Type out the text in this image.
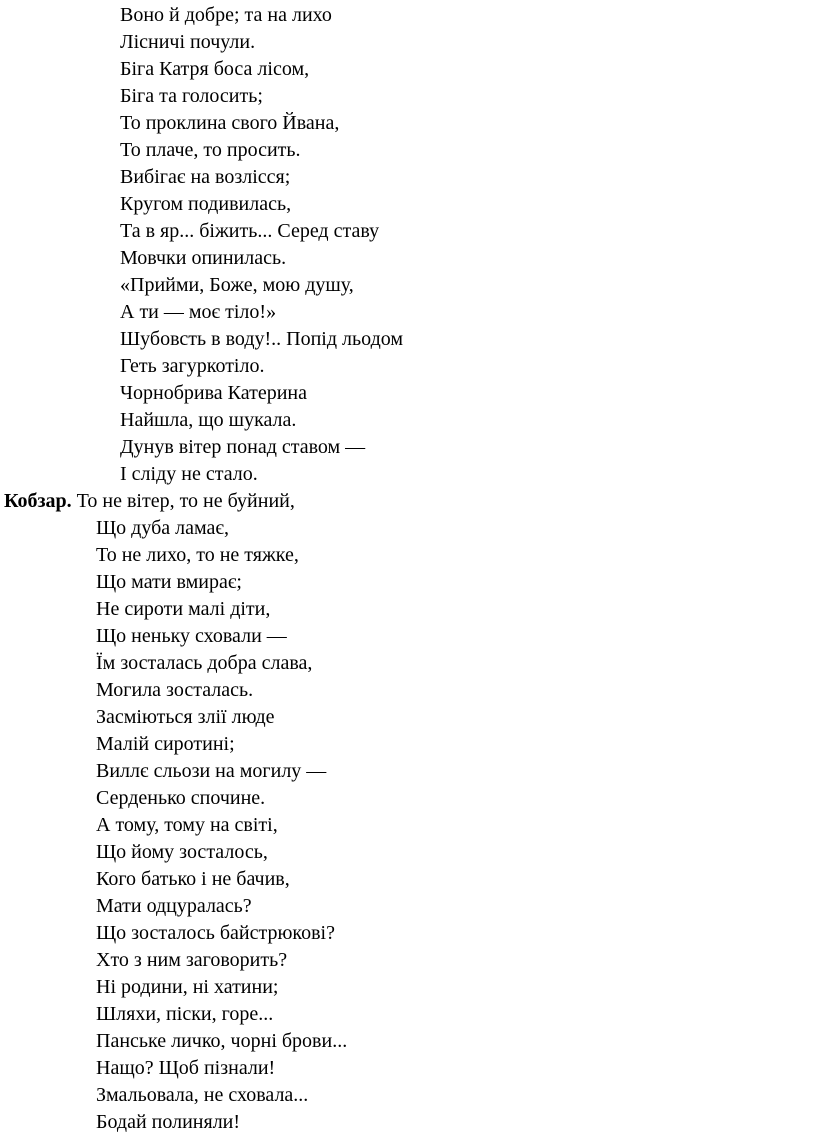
Воно й добре; та на лихо
Лісничі почули.
Біга Катря боса лісом,
Біга та голосить;
То проклина свого Йвана,
То плаче, то просить.
Вибігає на возлісся;
Кругом подивилась,
Та в яр... біжить... Серед ставу
Мовчки опинилась.
«Прийми, Боже, мою душу,
А ти — моє тіло!»
Шубовсть в воду!.. Попід льодом
Геть загуркотіло.
Чорнобрива Катерина
Найшла, що шукала.
Дунув вітер понад ставом —
І сліду не стало.
Кобзар. То не вітер, то не буйний,
Що дуба ламає,
То не лихо, то не тяжке,
Що мати вмирає;
Не сироти малі діти,
Що неньку сховали —
Їм зосталась добра слава,
Могила зосталась.
Засміються злії люде
Малій сиротині;
Виллє сльози на могилу —
Серденько спочине.
А тому, тому на світі,
Що йому зосталось,
Кого батько і не бачив,
Мати одцуралась?
Що зосталось байстрюкові?
Хто з ним заговорить?
Ні родини, ні хатини;
Шляхи, піски, горе...
Панське личко, чорні брови...
Нащо? Щоб пізнали!
Змальовала, не сховала...
Бодай полиняли!
